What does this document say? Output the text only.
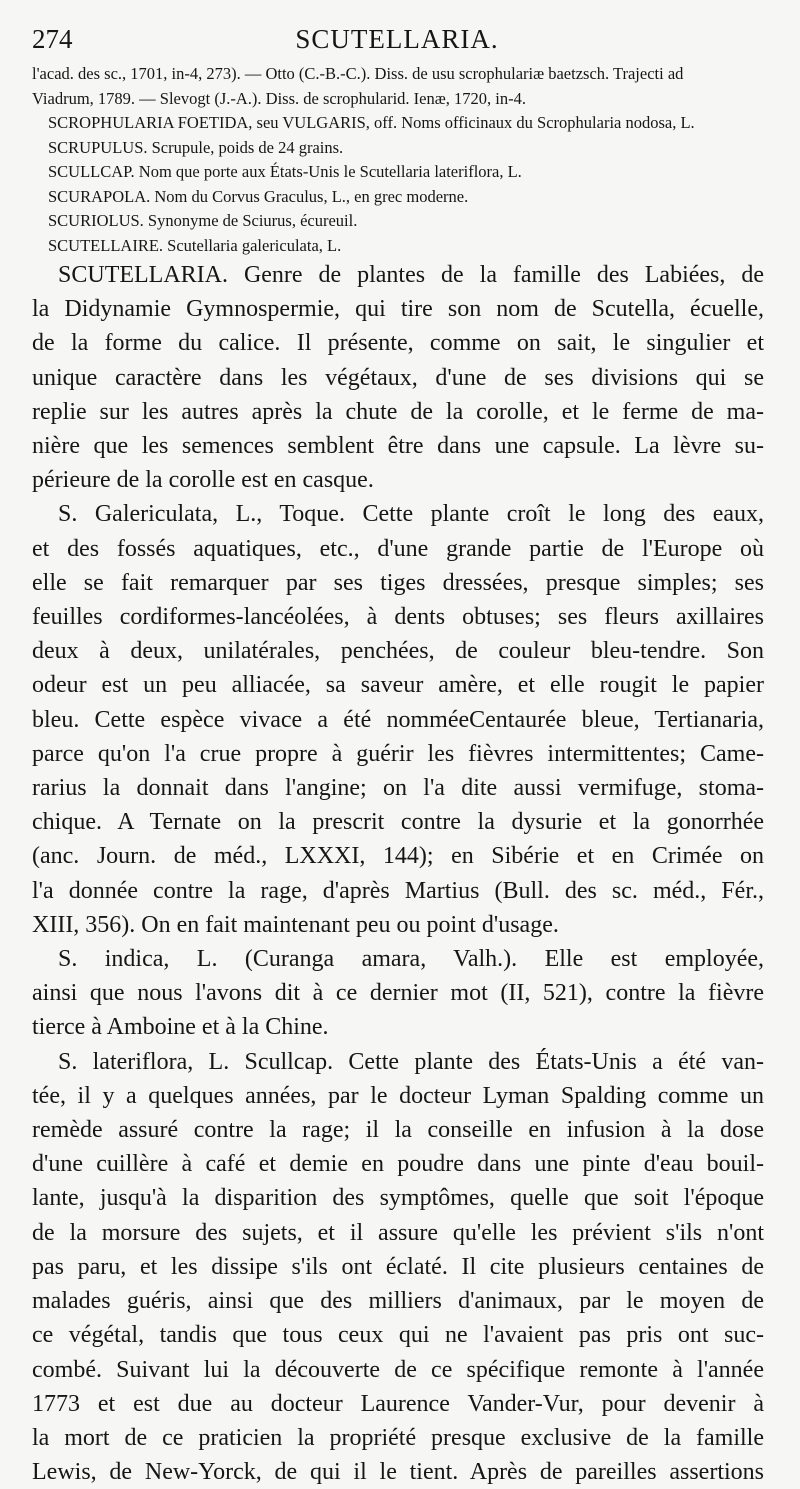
274	SCUTELLARIA.
l'acad. des sc., 1701, in-4, 273). — Otto (C.-B.-C.). Diss. de usu scrophulariæ baetzsch. Trajecti ad
Viadrum, 1789. — Slevogt (J.-A.). Diss. de scrophularid. Ienæ, 1720, in-4.
SCROPHULARIA FOETIDA, seu VULGARIS, off. Noms officinaux du Scrophularia nodosa, L.
SCRUPULUS. Scrupule, poids de 24 grains.
SCULLCAP. Nom que porte aux États-Unis le Scutellaria lateriflora, L.
SCURAPOLA. Nom du Corvus Graculus, L., en grec moderne.
SCURIOLUS. Synonyme de Sciurus, écureuil.
SCUTELLAIRE. Scutellaria galericulata, L.
SCUTELLARIA. Genre de plantes de la famille des Labiées, de
la Didynamie Gymnospermie, qui tire son nom de Scutella, écuelle,
de la forme du calice. Il présente, comme on sait, le singulier et
unique caractère dans les végétaux, d'une de ses divisions qui se
replie sur les autres après la chute de la corolle, et le ferme de ma-
nière que les semences semblent être dans une capsule. La lèvre su-
périeure de la corolle est en casque.
S. Galericulata, L., Toque. Cette plante croît le long des eaux,
et des fossés aquatiques, etc., d'une grande partie de l'Europe où
elle se fait remarquer par ses tiges dressées, presque simples; ses
feuilles cordiformes-lancéolées, à dents obtuses; ses fleurs axillaires
deux à deux, unilatérales, penchées, de couleur bleu-tendre. Son
odeur est un peu alliacée, sa saveur amère, et elle rougit le papier
bleu. Cette espèce vivace a été nomméeCentaurée bleue, Tertianaria,
parce qu'on l'a crue propre à guérir les fièvres intermittentes; Came-
rarius la donnait dans l'angine; on l'a dite aussi vermifuge, stoma-
chique. A Ternate on la prescrit contre la dysurie et la gonorrhée
(anc. Journ. de méd., LXXXI, 144); en Sibérie et en Crimée on
l'a donnée contre la rage, d'après Martius (Bull. des sc. méd., Fér.,
XIII, 356). On en fait maintenant peu ou point d'usage.
S. indica, L. (Curanga amara, Valh.). Elle est employée,
ainsi que nous l'avons dit à ce dernier mot (II, 521), contre la fièvre
tierce à Amboine et à la Chine.
S. lateriflora, L. Scullcap. Cette plante des États-Unis a été van-
tée, il y a quelques années, par le docteur Lyman Spalding comme un
remède assuré contre la rage; il la conseille en infusion à la dose
d'une cuillère à café et demie en poudre dans une pinte d'eau bouil-
lante, jusqu'à la disparition des symptômes, quelle que soit l'époque
de la morsure des sujets, et il assure qu'elle les prévient s'ils n'ont
pas paru, et les dissipe s'ils ont éclaté. Il cite plusieurs centaines de
malades guéris, ainsi que des milliers d'animaux, par le moyen de
ce végétal, tandis que tous ceux qui ne l'avaient pas pris ont suc-
combé. Suivant lui la découverte de ce spécifique remonte à l'année
1773 et est due au docteur Laurence Vander-Vur, pour devenir à
la mort de ce praticien la propriété presque exclusive de la famille
Lewis, de New-Yorck, de qui il le tient. Après de pareilles assertions
